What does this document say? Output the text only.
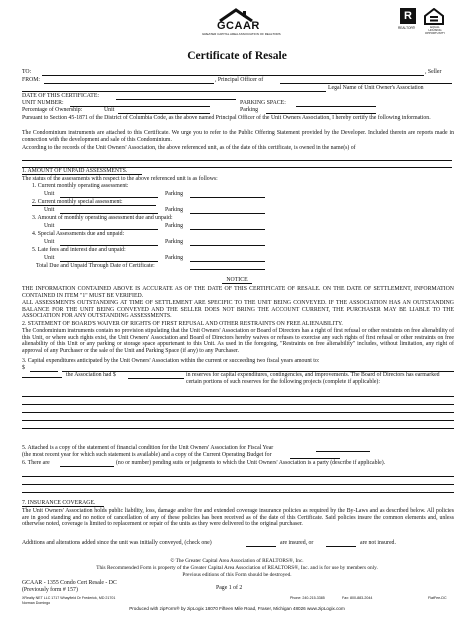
GCAAR
GREATER CAPITAL AREA ASSOCIATION OF REALTORS
R
REALTOR®	EQUAL HOUSING OPPORTUNITY
Certificate of Resale
TO:	, Seller
FROM:	, Principal Officer of
Legal Name of Unit Owner's Association
DATE OF THIS CERTIFICATE:
UNIT NUMBER:	PARKING SPACE:
Percentage of Ownership:	Unit	Parking
Pursuant to Section 45-1871 of the District of Columbia Code, as the above named Principal Officer of the Unit Owners Association, I hereby certify the following information.
The Condominium instruments are attached to this Certificate. We urge you to refer to the Public Offering Statement provided by the Developer. Included therein are reports made in connection with the development and sale of this Condominium.
According to the records of the Unit Owners' Association, the above referenced unit, as of the date of this certificate, is owned in the name(s) of
1. AMOUNT OF UNPAID ASSESSMENTS.
The status of the assessments with respect to the above referenced unit is as follows:
1. Current monthly operating assessment:
Unit	Parking
2. Current monthly special assessment:
Unit	Parking
3. Amount of monthly operating assessment due and unpaid:
Unit	Parking
4. Special Assessments due and unpaid:
Unit	Parking
5. Late fees and interest due and unpaid:
Unit	Parking
Total Due and Unpaid Through Date of Certificate:
NOTICE
THE INFORMATION CONTAINED ABOVE IS ACCURATE AS OF THE DATE OF THIS CERTIFICATE OF RESALE. ON THE DATE OF SETTLEMENT, INFORMATION CONTAINED IN ITEM "1" MUST BE VERIFIED.
ALL ASSESSMENTS OUTSTANDING AT TIME OF SETTLEMENT ARE SPECIFIC TO THE UNIT BEING CONVEYED. IF THE ASSOCIATION HAS AN OUTSTANDING BALANCE FOR THE UNIT BEING CONVEYED AND THE SELLER DOES NOT BRING THE ACCOUNT CURRENT, THE PURCHASER MAY BE LIABLE TO THE ASSOCIATION FOR ANY OUTSTANDING ASSESSMENTS.
2. STATEMENT OF BOARD'S WAIVER OF RIGHTS OF FIRST REFUSAL AND OTHER RESTRAINTS ON FREE ALIENABILITY.
The Condominium instruments contain no provision stipulating that the Unit Owners' Association or Board of Directors has a right of first refusal or other restraints on free alienability of this Unit, or where such rights exist, the Unit Owners' Association and Board of Directors hereby waives or refuses to exercise any such rights of first refusal or other restraints on free alienability of this Unit or any parking or storage space appurtenant to this Unit. As used in the foregoing, "Restraints on free alienability" includes, without limitation, any right of approval of any Purchaser or the sale of the Unit and Parking Space (if any) to any Purchaser.
3. Capital expenditures anticipated by the Unit Owners' Association within the current or succeeding two fiscal years amount to:
$
the Association had $	in reserves for capital expenditures, contingencies, and improvements. The Board of Directors has earmarked certain portions of such reserves for the following projects (complete if applicable):
5. Attached is a copy of the statement of financial condition for the Unit Owners' Association for Fiscal Year
(the most recent year for which such statement is available) and a copy of the Current Operating Budget for
6. There are	(no or number) pending suits or judgments to which the Unit Owners' Association is a party (describe if applicable).
7. INSURANCE COVERAGE.
The Unit Owners' Association holds public liability, loss, damage and/or fire and extended coverage insurance policies as required by the By-Laws and as described below. All policies are in good standing and no notice of cancellation of any of these policies has been received as of the date of this Certificate. Said policies insure the common elements and, unless otherwise noted, coverage is limited to replacement or repair of the units as they were delivered to the original purchaser.
Additions and alterations added since the unit was initially conveyed, (check one)	are insured, or	are not insured.
© The Greater Capital Area Association of REALTORS®, Inc.
This Recommended Form is property of the Greater Capital Area Association of REALTORS®, Inc. and is for use by members only.
Previous editions of this Form should be destroyed.
GCAAR - 1355 Condo Cert Resale - DC
Page 1 of 2
(Previously form # 157)
XRealty NET LLC 1717 Whayfield Dr Frederick, MD 21701
Norman Domingo
Phone: 240-215-3385	Fax: 800-883-2044	FlatFee-DC
Produced with zipForm® by zipLogix 18070 Fifteen Mile Road, Fraser, Michigan 48026 www.zipLogix.com
